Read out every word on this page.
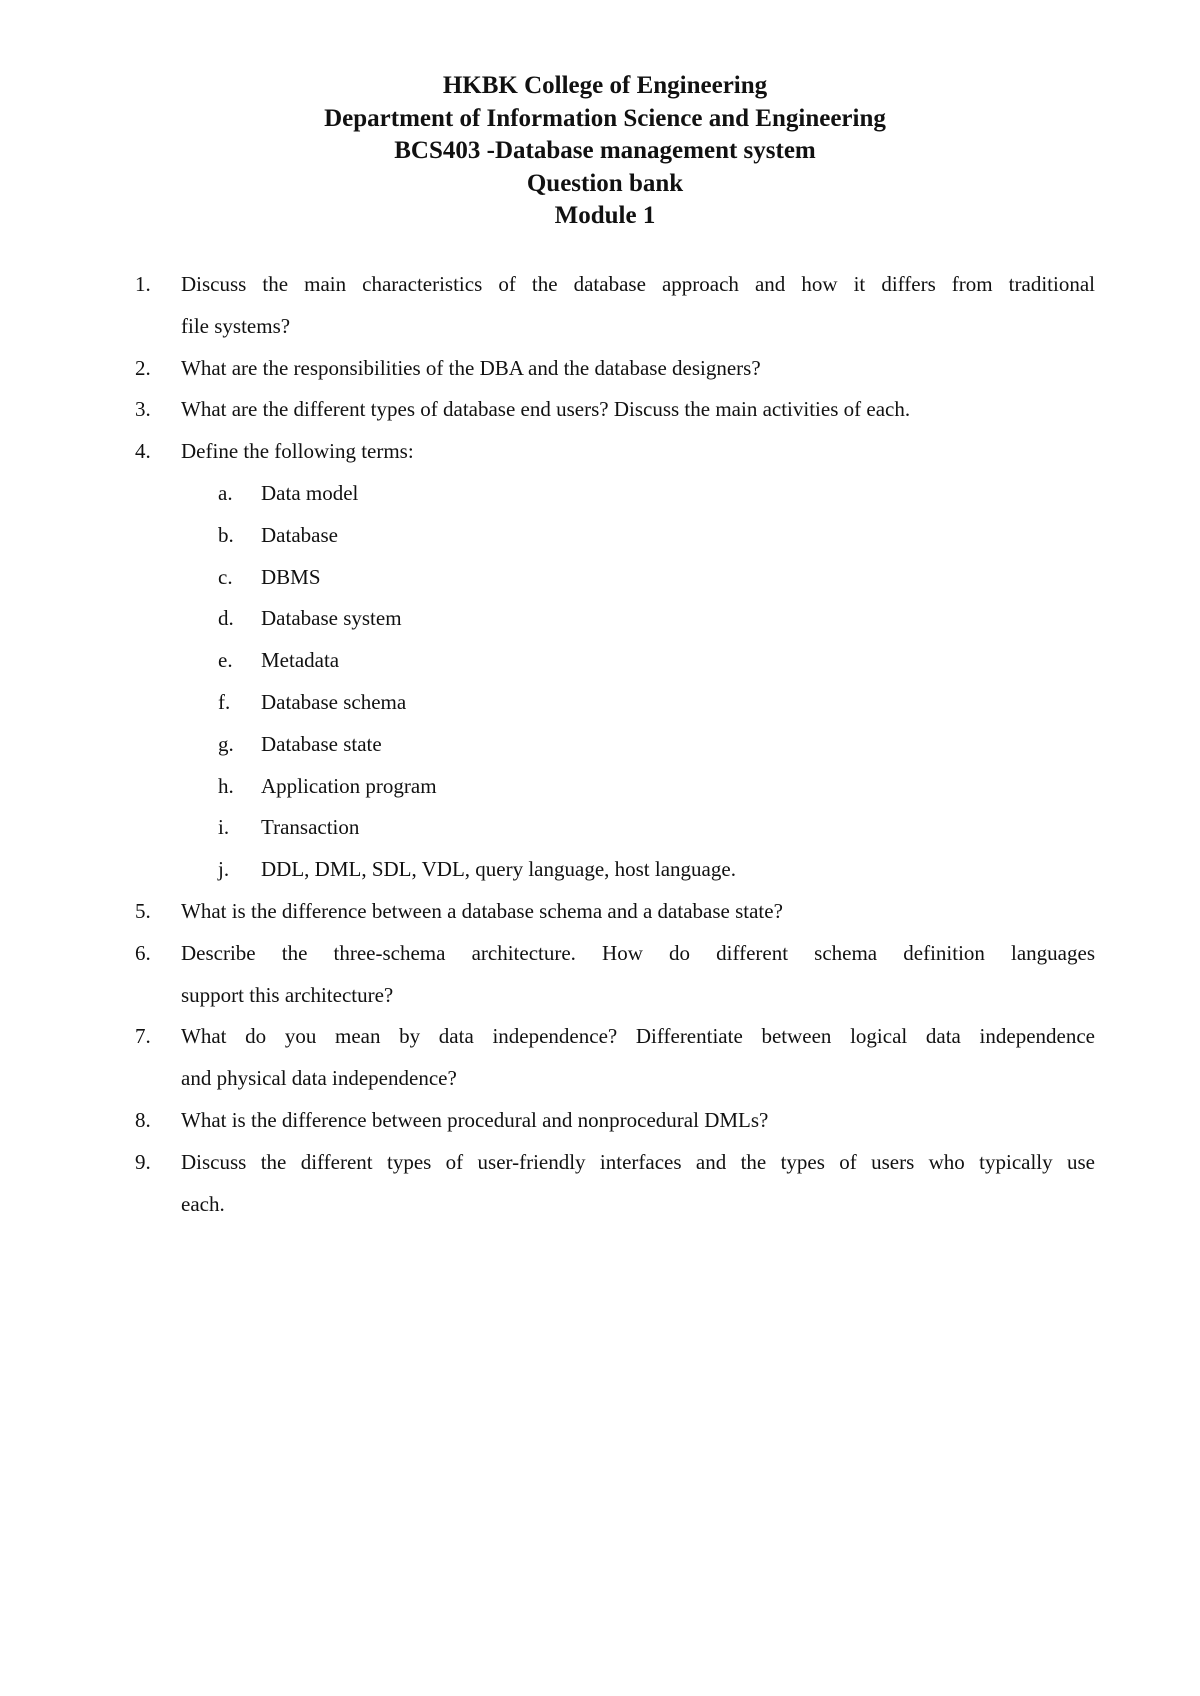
HKBK College of Engineering
Department of Information Science and Engineering
BCS403 -Database management system
Question bank
Module 1
1.	Discuss the main characteristics of the database approach and how it differs from traditional
file systems?
2.	What are the responsibilities of the DBA and the database designers?
3.	What are the different types of database end users? Discuss the main activities of each.
4.	Define the following terms:
a. Data model
b. Database
c. DBMS
d. Database system
e. Metadata
f. Database schema
g. Database state
h. Application program
i. Transaction
j. DDL, DML, SDL, VDL, query language, host language.
5.	What is the difference between a database schema and a database state?
6.	Describe the three-schema architecture. How do different schema definition languages
support this architecture?
7.	What do you mean by data independence? Differentiate between logical data independence
and physical data independence?
8.	What is the difference between procedural and nonprocedural DMLs?
9.	Discuss the different types of user-friendly interfaces and the types of users who typically use
each.
